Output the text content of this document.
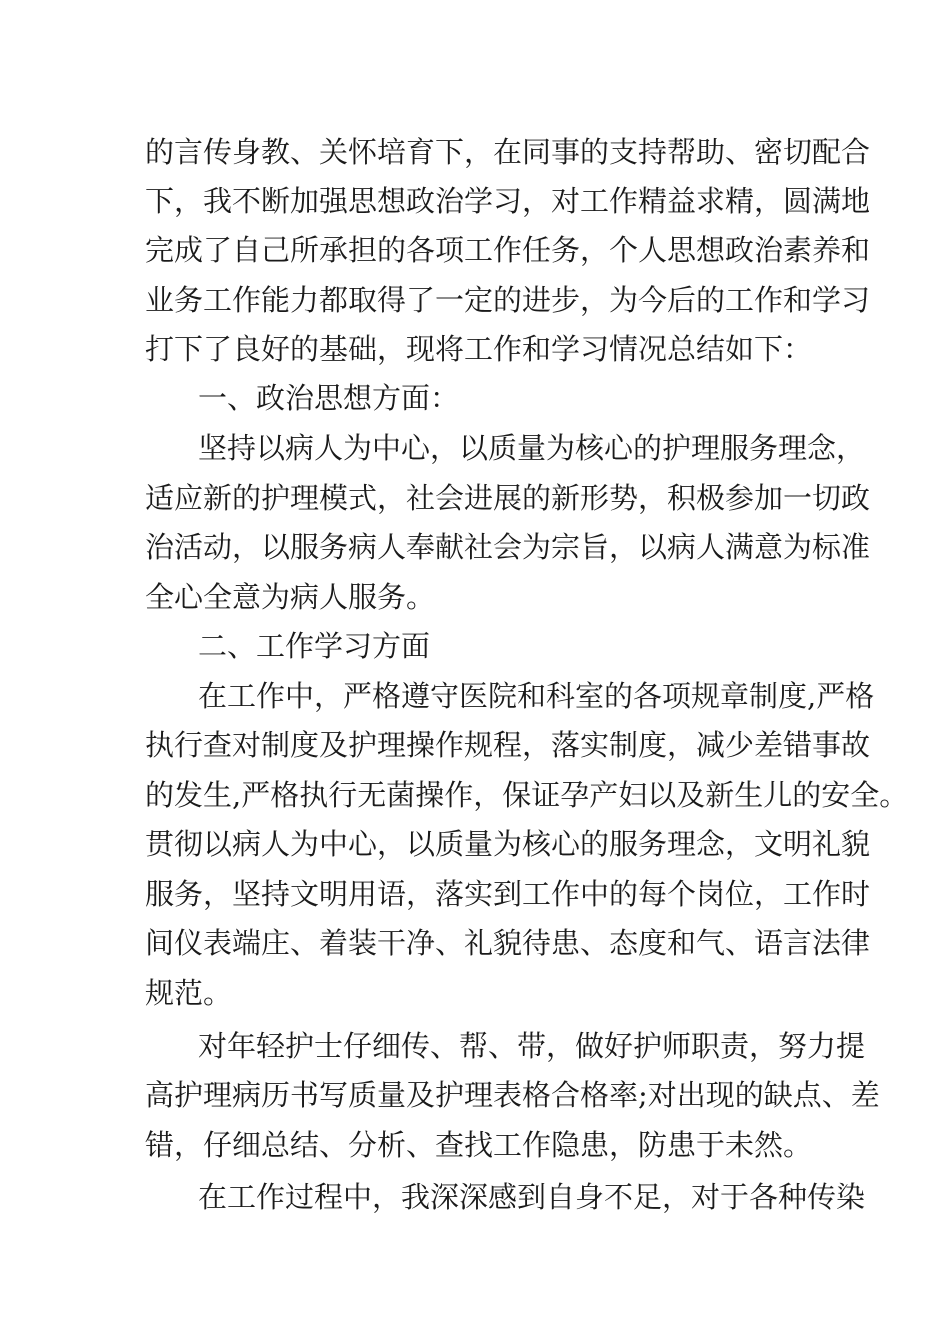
的言传身教、关怀培育下，在同事的支持帮助、密切配合
下，我不断加强思想政治学习，对工作精益求精，圆满地
完成了自己所承担的各项工作任务，个人思想政治素养和
业务工作能力都取得了一定的进步，为今后的工作和学习
打下了良好的基础，现将工作和学习情况总结如下：
一、政治思想方面：
坚持以病人为中心，以质量为核心的护理服务理念，
适应新的护理模式，社会进展的新形势，积极参加一切政
治活动，以服务病人奉献社会为宗旨，以病人满意为标准
全心全意为病人服务。
二、工作学习方面
在工作中，严格遵守医院和科室的各项规章制度,严格
执行查对制度及护理操作规程，落实制度，减少差错事故
的发生,严格执行无菌操作，保证孕产妇以及新生儿的安全。
贯彻以病人为中心，以质量为核心的服务理念，文明礼貌
服务，坚持文明用语，落实到工作中的每个岗位，工作时
间仪表端庄、着装干净、礼貌待患、态度和气、语言法律
规范。
对年轻护士仔细传、帮、带，做好护师职责，努力提
高护理病历书写质量及护理表格合格率;对出现的缺点、差
错，仔细总结、分析、查找工作隐患，防患于未然。
在工作过程中，我深深感到自身不足，对于各种传染
